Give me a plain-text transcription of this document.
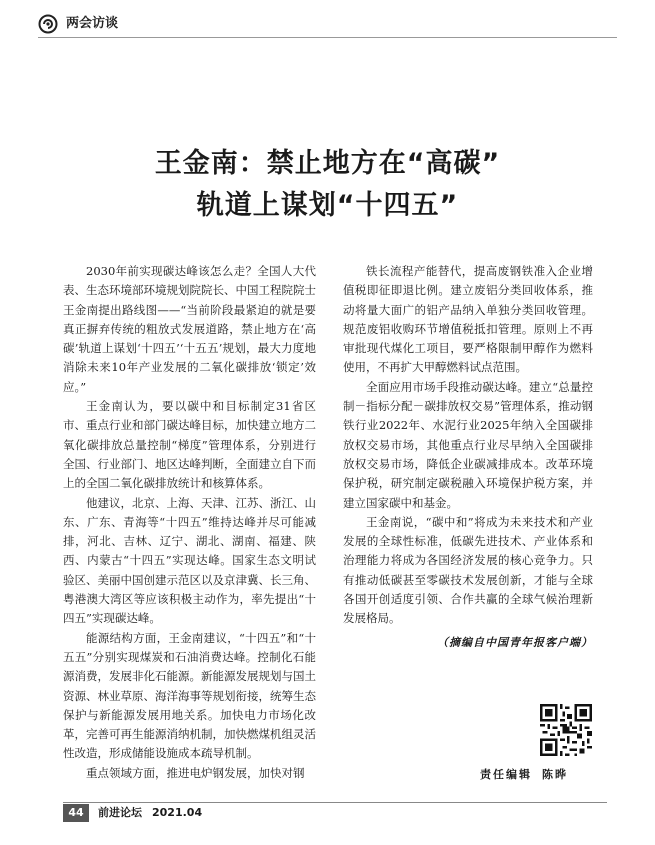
两会访谈
王金南：禁止地方在“高碳”
轨道上谋划“十四五”

2030年前实现碳达峰该怎么走？全国人大代表、生态环境部环境规划院院长、中国工程院院士王金南提出路线图——“当前阶段最紧迫的就是要真正摒弃传统的粗放式发展道路，禁止地方在‘高碳’轨道上谋划‘十四五’‘十五五’规划，最大力度地消除未来10年产业发展的二氧化碳排放‘锁定’效应。”

王金南认为，要以碳中和目标制定31省区市、重点行业和部门碳达峰目标，加快建立地方二氧化碳排放总量控制“梯度”管理体系，分别进行全国、行业部门、地区达峰判断，全面建立自下而上的全国二氧化碳排放统计和核算体系。

他建议，北京、上海、天津、江苏、浙江、山东、广东、青海等“十四五”维持达峰并尽可能减排，河北、吉林、辽宁、湖北、湖南、福建、陕西、内蒙古“十四五”实现达峰。国家生态文明试验区、美丽中国创建示范区以及京津冀、长三角、粤港澳大湾区等应该积极主动作为，率先提出“十四五”实现碳达峰。

能源结构方面，王金南建议，“十四五”和“十五五”分别实现煤炭和石油消费达峰。控制化石能源消费，发展非化石能源。新能源发展规划与国土资源、林业草原、海洋海事等规划衔接，统筹生态保护与新能源发展用地关系。加快电力市场化改革，完善可再生能源消纳机制，加快燃煤机组灵活性改造，形成储能设施成本疏导机制。

重点领域方面，推进电炉钢发展，加快对钢

铁长流程产能替代，提高废钢铁准入企业增值税即征即退比例。建立废铝分类回收体系，推动将量大面广的铝产品纳入单独分类回收管理。规范废铝收购环节增值税抵扣管理。原则上不再审批现代煤化工项目，要严格限制甲醇作为燃料使用，不再扩大甲醇燃料试点范围。

全面应用市场手段推动碳达峰。建立“总量控制－指标分配－碳排放权交易”管理体系，推动钢铁行业2022年、水泥行业2025年纳入全国碳排放权交易市场，其他重点行业尽早纳入全国碳排放权交易市场，降低企业碳减排成本。改革环境保护税，研究制定碳税融入环境保护税方案，并建立国家碳中和基金。

王金南说，“碳中和”将成为未来技术和产业发展的全球性标准，低碳先进技术、产业体系和治理能力将成为各国经济发展的核心竞争力。只有推动低碳甚至零碳技术发展创新，才能与全球各国开创适度引领、合作共赢的全球气候治理新发展格局。

（摘编自中国青年报客户端）
责任编辑 陈晔
44	前进论坛 2021.04
